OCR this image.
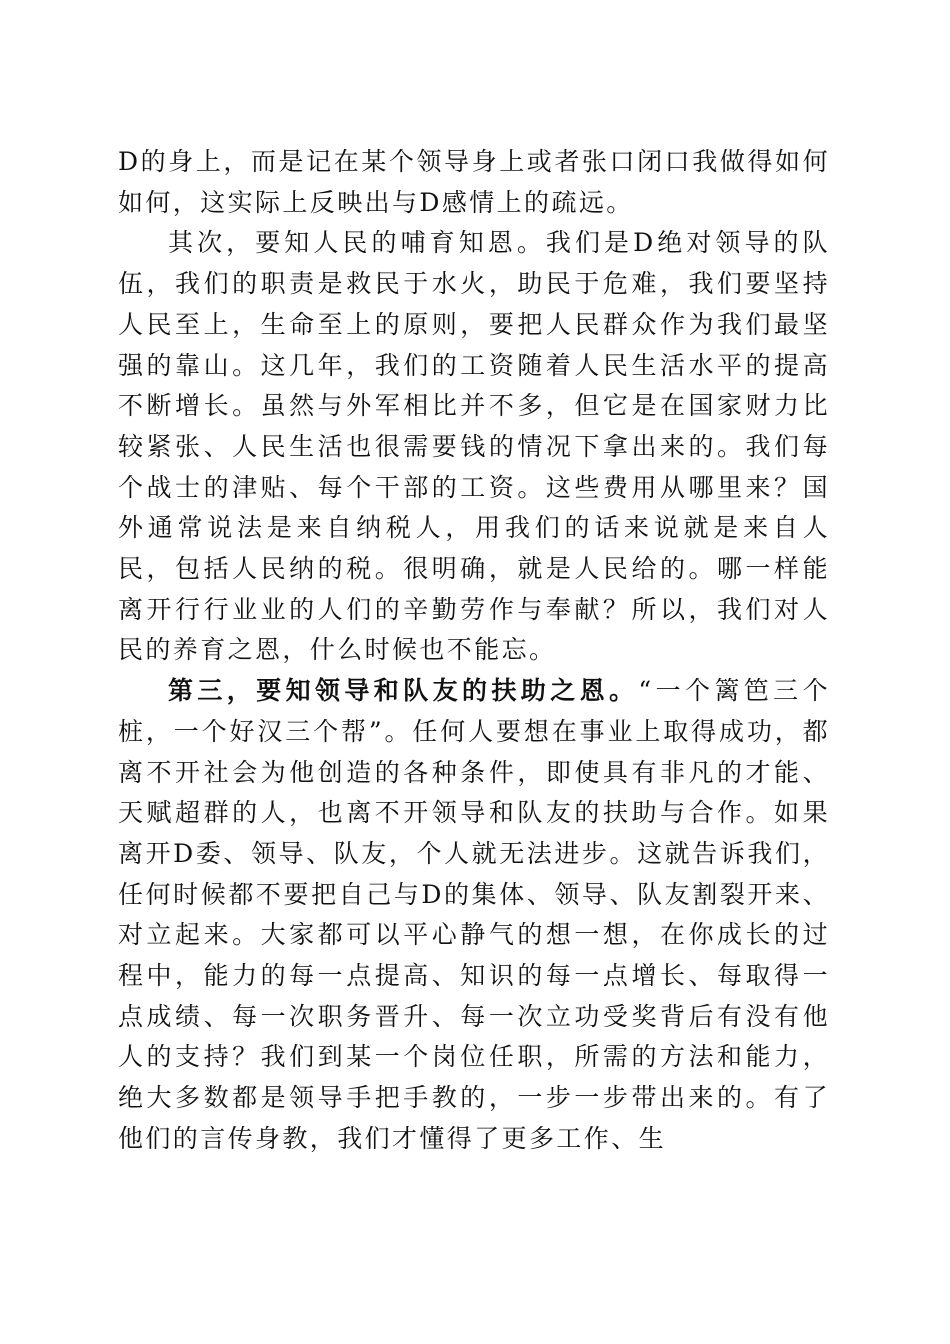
D的身上，而是记在某个领导身上或者张口闭口我做得如何如何，这实际上反映出与D感情上的疏远。

其次，要知人民的哺育知恩。我们是D绝对领导的队伍，我们的职责是救民于水火，助民于危难，我们要坚持人民至上，生命至上的原则，要把人民群众作为我们最坚强的靠山。这几年，我们的工资随着人民生活水平的提高不断增长。虽然与外军相比并不多，但它是在国家财力比较紧张、人民生活也很需要钱的情况下拿出来的。我们每个战士的津贴、每个干部的工资。这些费用从哪里来？国外通常说法是来自纳税人，用我们的话来说就是来自人民，包括人民纳的税。很明确，就是人民给的。哪一样能离开行行业业的人们的辛勤劳作与奉献？所以，我们对人民的养育之恩，什么时候也不能忘。

第三，要知领导和队友的扶助之恩。“一个篱笆三个桩，一个好汉三个帮”。任何人要想在事业上取得成功，都离不开社会为他创造的各种条件，即使具有非凡的才能、天赋超群的人，也离不开领导和队友的扶助与合作。如果离开D委、领导、队友，个人就无法进步。这就告诉我们，任何时候都不要把自己与D的集体、领导、队友割裂开来、对立起来。大家都可以平心静气的想一想，在你成长的过程中，能力的每一点提高、知识的每一点增长、每取得一点成绩、每一次职务晋升、每一次立功受奖背后有没有他人的支持？我们到某一个岗位任职，所需的方法和能力，绝大多数都是领导手把手教的，一步一步带出来的。有了他们的言传身教，我们才懂得了更多工作、生
